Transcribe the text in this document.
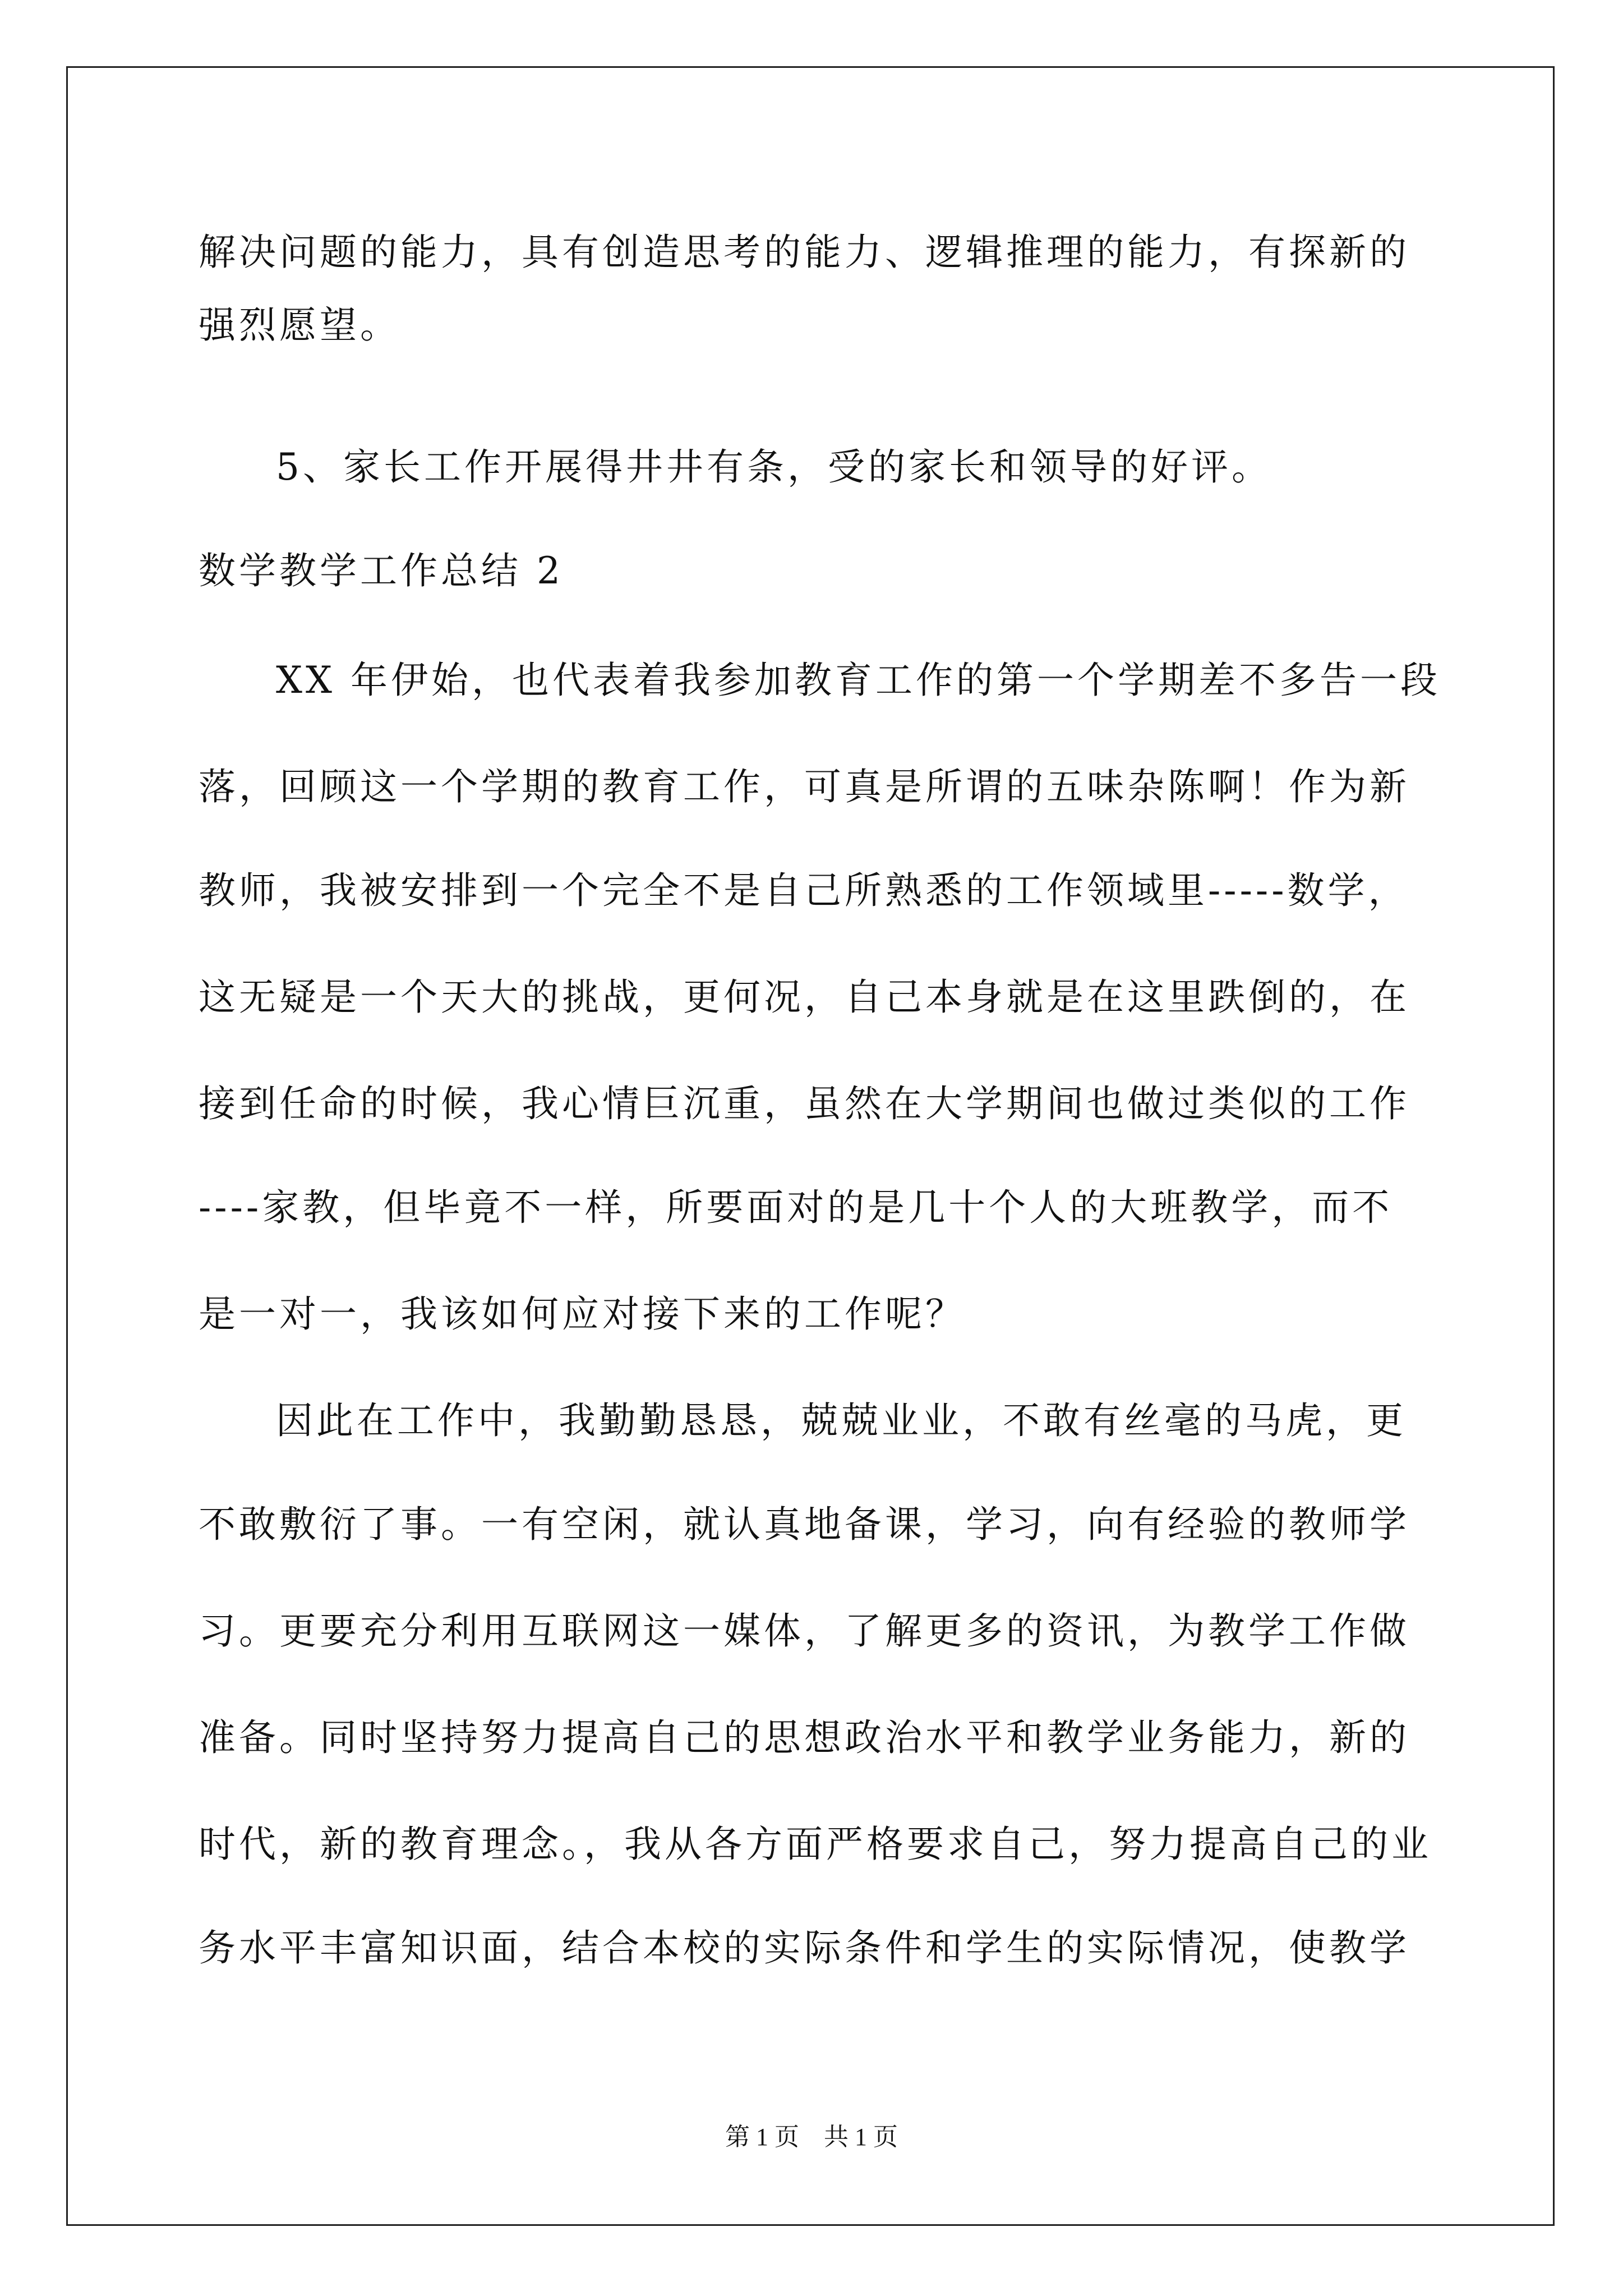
解决问题的能力，具有创造思考的能力、逻辑推理的能力，有探新的
强烈愿望。
5、家长工作开展得井井有条，受的家长和领导的好评。
数学教学工作总结 2
XX 年伊始，也代表着我参加教育工作的第一个学期差不多告一段
落，回顾这一个学期的教育工作，可真是所谓的五味杂陈啊！作为新
教师，我被安排到一个完全不是自己所熟悉的工作领域里-----数学，
这无疑是一个天大的挑战，更何况，自己本身就是在这里跌倒的，在
接到任命的时候，我心情巨沉重，虽然在大学期间也做过类似的工作
----家教，但毕竟不一样，所要面对的是几十个人的大班教学，而不
是一对一，我该如何应对接下来的工作呢？
因此在工作中，我勤勤恳恳，兢兢业业，不敢有丝毫的马虎，更
不敢敷衍了事。一有空闲，就认真地备课，学习，向有经验的教师学
习。更要充分利用互联网这一媒体，了解更多的资讯，为教学工作做
准备。同时坚持努力提高自己的思想政治水平和教学业务能力，新的
时代，新的教育理念。，我从各方面严格要求自己，努力提高自己的业
务水平丰富知识面，结合本校的实际条件和学生的实际情况，使教学
第 1 页　共 1 页
